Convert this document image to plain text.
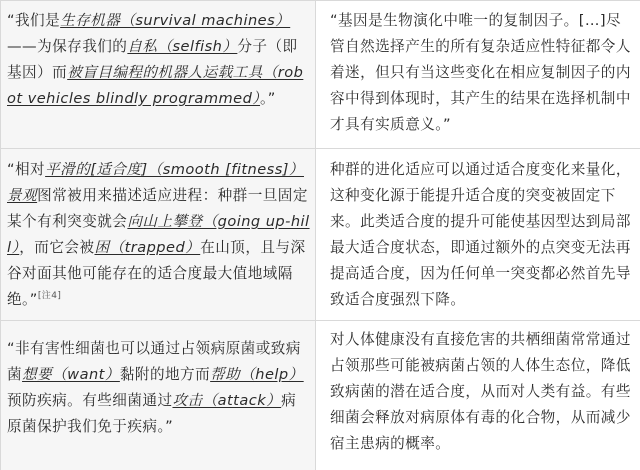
“我们是生存机器（survival machines）——为保存我们的自私（selfish）分子（即基因）而被盲目编程的机器人运载工具（robot vehicles blindly programmed）。”
“基因是生物演化中唯一的复制因子。[…]尽管自然选择产生的所有复杂适应性特征都令人着迷，但只有当这些变化在相应复制因子的内容中得到体现时，其产生的结果在选择机制中才具有实质意义。”
“相对平滑的[适合度]（smooth [fitness]）景观图常被用来描述适应进程：种群一旦固定某个有利突变就会向山上攀登（going up-hill），而它会被困（trapped）在山顶，且与深谷对面其他可能存在的适合度最大值地域隔绝。”[注4]
种群的进化适应可以通过适合度变化来量化，这种变化源于能提升适合度的突变被固定下来。此类适合度的提升可能使基因型达到局部最大适合度状态，即通过额外的点突变无法再提高适合度，因为任何单一突变都必然首先导致适合度强烈下降。
“非有害性细菌也可以通过占领病原菌或致病菌想要（want）黏附的地方而帮助（help）预防疾病。有些细菌通过攻击（attack）病原菌保护我们免于疾病。”
对人体健康没有直接危害的共栖细菌常常通过占领那些可能被病菌占领的人体生态位，降低致病菌的潜在适合度，从而对人类有益。有些细菌会释放对病原体有毒的化合物，从而减少宿主患病的概率。
